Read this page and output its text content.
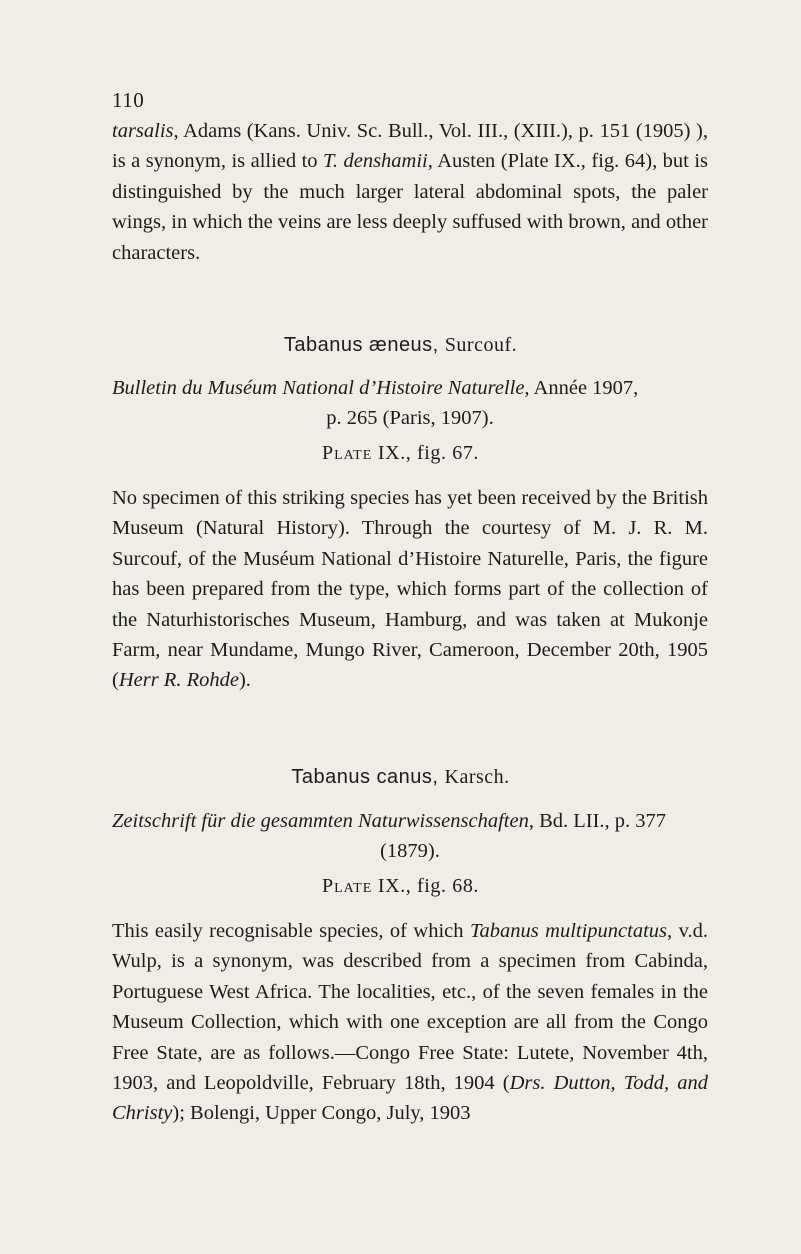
110

tarsalis, Adams (Kans. Univ. Sc. Bull., Vol. III., (XIII.), p. 151 (1905) ), is a synonym, is allied to T. denshamii, Austen (Plate IX., fig. 64), but is distinguished by the much larger lateral abdominal spots, the paler wings, in which the veins are less deeply suffused with brown, and other characters.

Tabanus æneus, Surcouf.

Bulletin du Muséum National d’Histoire Naturelle, Année 1907,
p. 265 (Paris, 1907).

Plate IX., fig. 67.

No specimen of this striking species has yet been received by the British Museum (Natural History). Through the courtesy of M. J. R. M. Surcouf, of the Muséum National d’Histoire Naturelle, Paris, the figure has been prepared from the type, which forms part of the collection of the Naturhistorisches Museum, Hamburg, and was taken at Mukonje Farm, near Mundame, Mungo River, Cameroon, December 20th, 1905 (Herr R. Rohde).

Tabanus canus, Karsch.

Zeitschrift für die gesammten Naturwissenschaften, Bd. LII., p. 377
(1879).

Plate IX., fig. 68.

This easily recognisable species, of which Tabanus multipunctatus, v.d. Wulp, is a synonym, was described from a specimen from Cabinda, Portuguese West Africa. The localities, etc., of the seven females in the Museum Collection, which with one exception are all from the Congo Free State, are as follows.—Congo Free State: Lutete, November 4th, 1903, and Leopoldville, February 18th, 1904 (Drs. Dutton, Todd, and Christy); Bolengi, Upper Congo, July, 1903
